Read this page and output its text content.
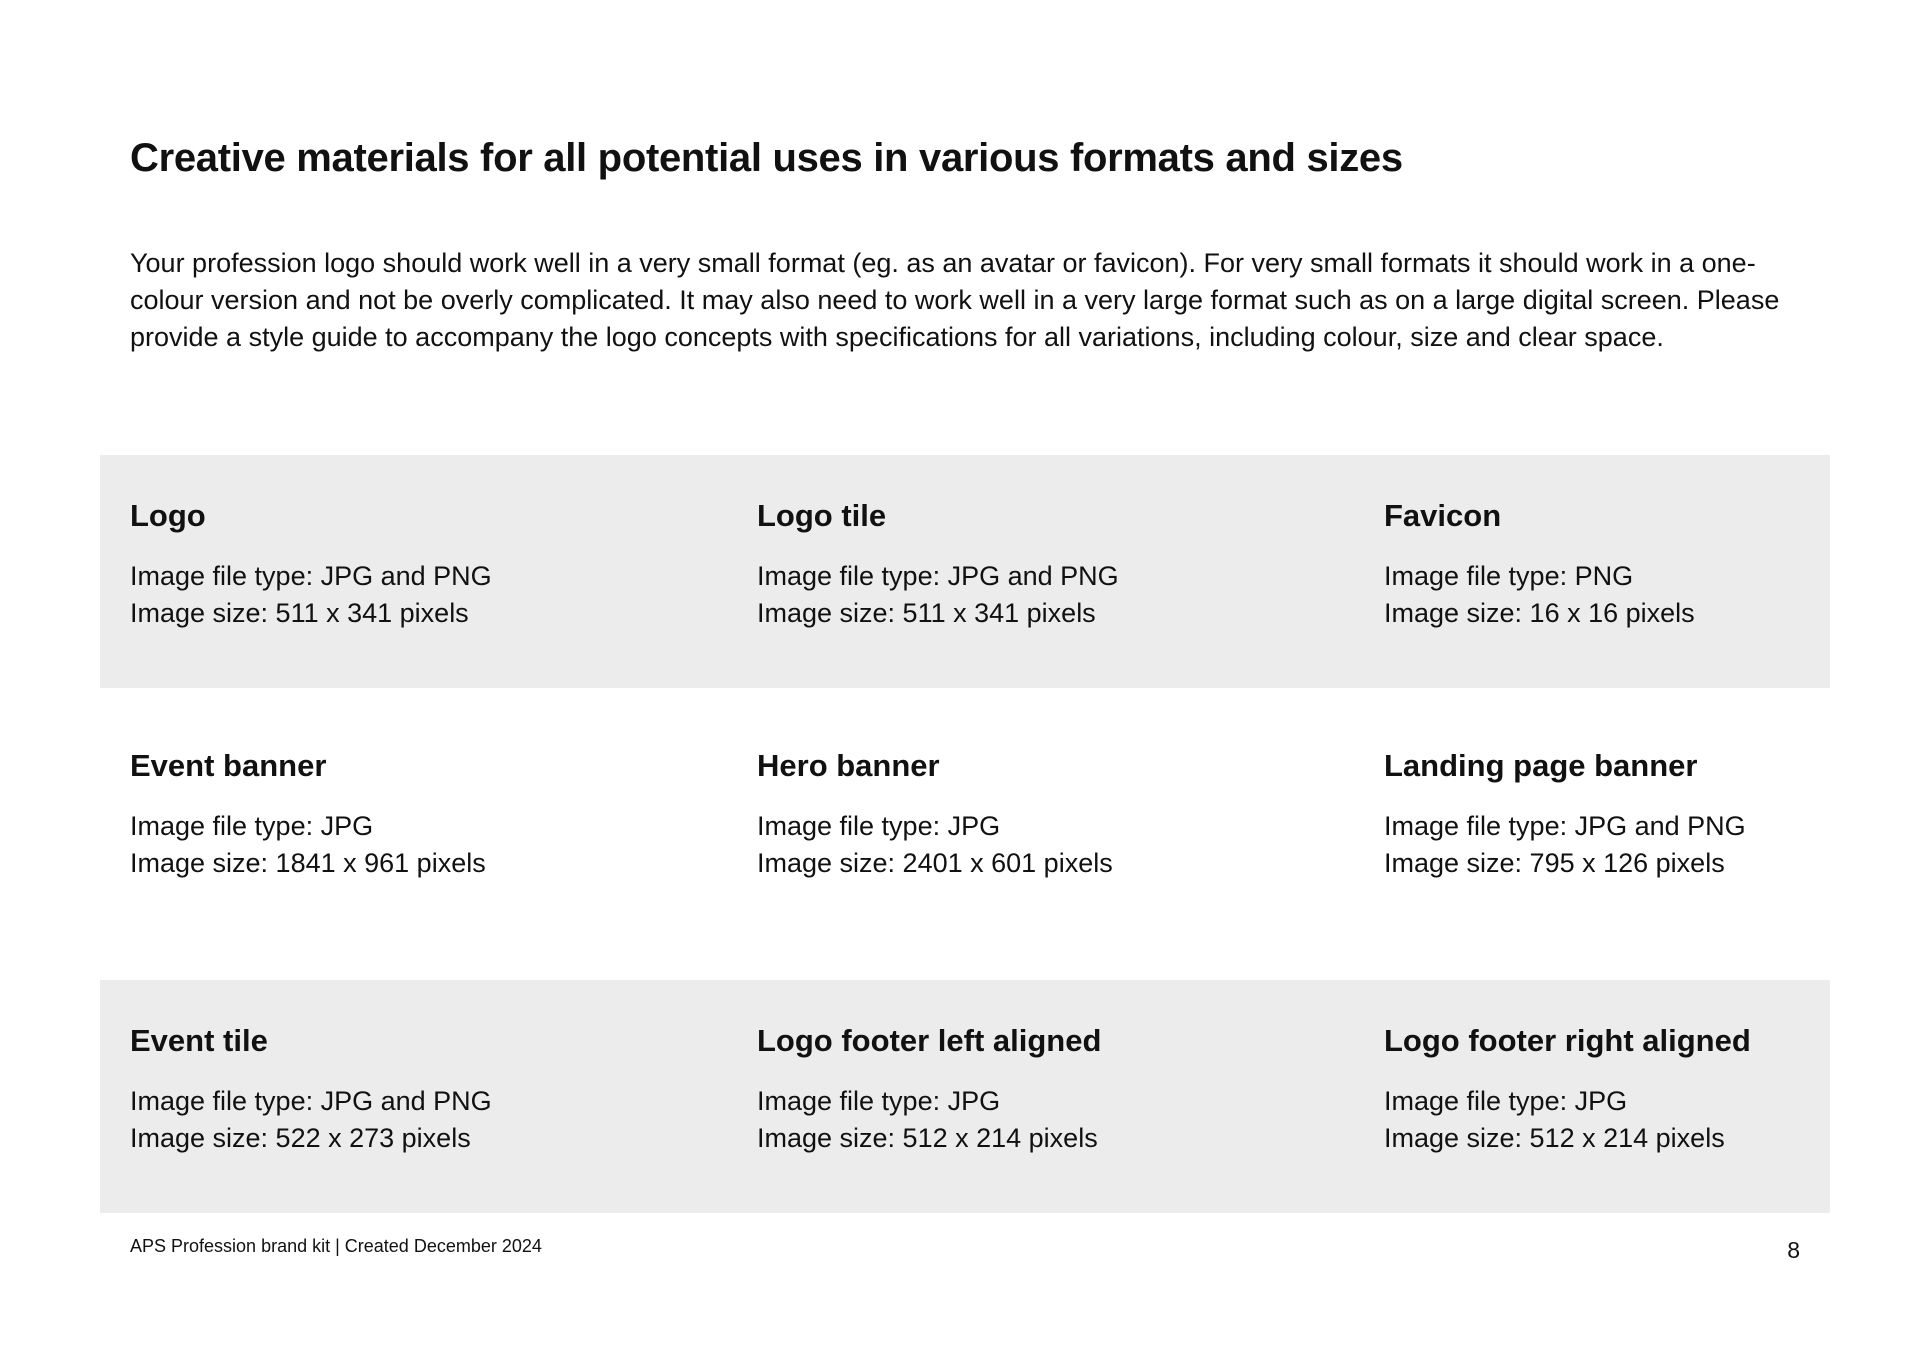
Creative materials for all potential uses in various formats and sizes

Your profession logo should work well in a very small format (eg. as an avatar or favicon). For very small formats it should work in a one-colour version and not be overly complicated. It may also need to work well in a very large format such as on a large digital screen. Please provide a style guide to accompany the logo concepts with specifications for all variations, including colour, size and clear space.

Logo

Image file type: JPG and PNG

Image size: 511 x 341 pixels

Logo tile

Image file type: JPG and PNG

Image size: 511 x 341 pixels

Favicon

Image file type: PNG

Image size: 16 x 16 pixels

Event banner

Image file type: JPG

Image size: 1841 x 961 pixels

Hero banner

Image file type: JPG

Image size: 2401 x 601 pixels

Landing page banner

Image file type: JPG and PNG

Image size: 795 x 126 pixels

Event tile

Image file type: JPG and PNG

Image size: 522 x 273 pixels

Logo footer left aligned

Image file type: JPG

Image size: 512 x 214 pixels

Logo footer right aligned

Image file type: JPG

Image size: 512 x 214 pixels

APS Profession brand kit | Created December 2024	8
